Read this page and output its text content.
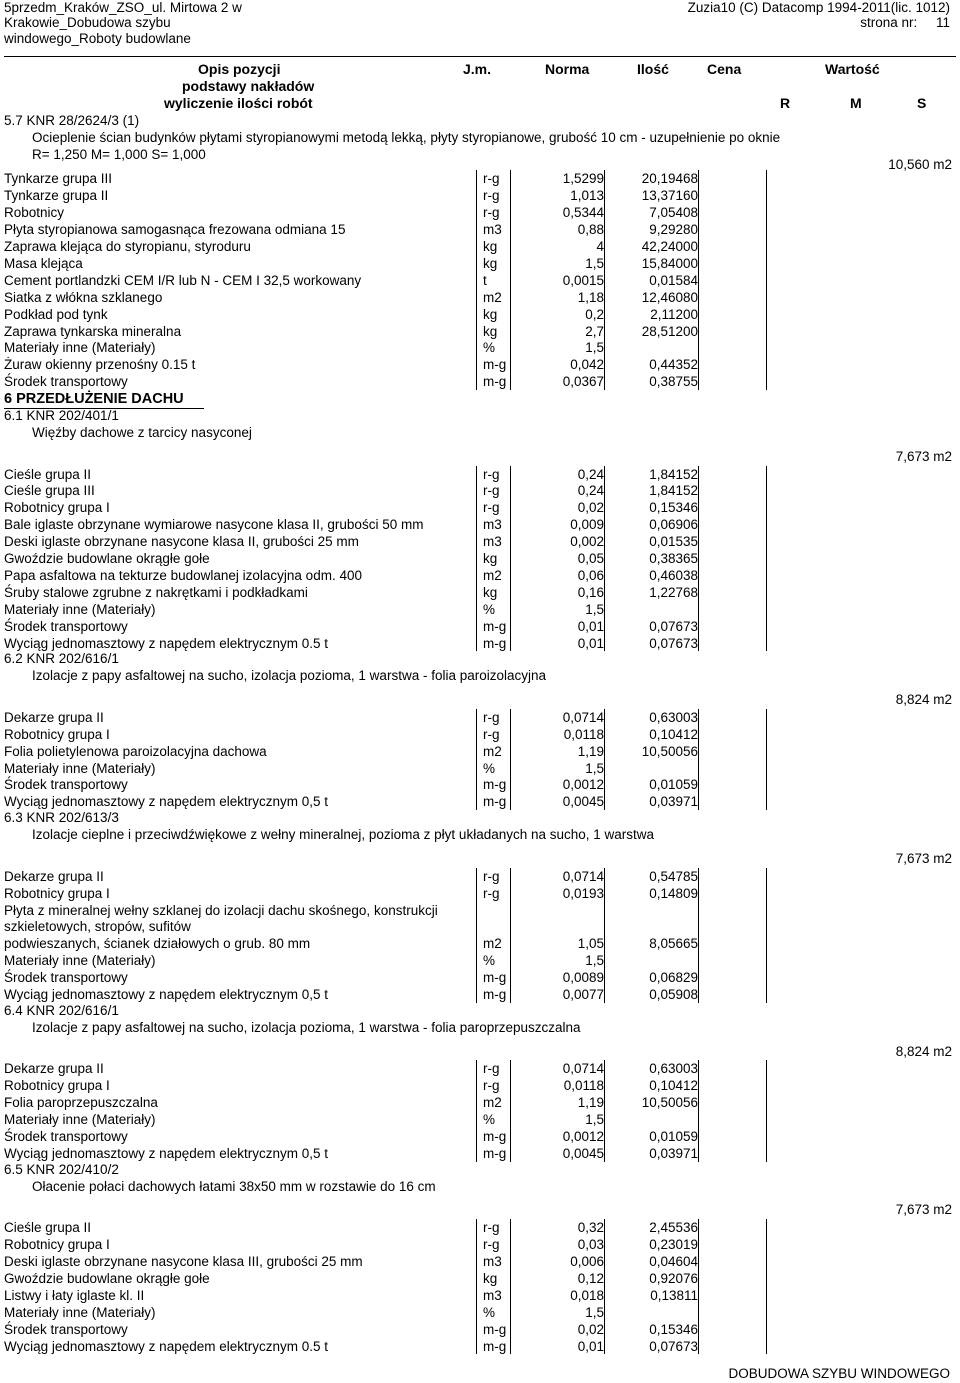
5przedm_Kraków_ZSO_ul. Mirtowa 2 w
Krakowie_Dobudowa szybu
windowego_Roboty budowlane
Zuzia10 (C) Datacomp 1994-2011(lic. 1012)
strona nr:     11
Opis pozycji
podstawy nakładów
wyliczenie ilości robót
J.m.	Norma	Ilość	Cena	Wartość
R	M	S
5.7 KNR 28/2624/3 (1)
Ocieplenie ścian budynków płytami styropianowymi metodą lekką, płyty styropianowe, grubość 10 cm - uzupełnienie po oknie
R= 1,250 M= 1,000 S= 1,000
10,560 m2
Tynkarze grupa III	r-g	1,5299	20,19468
Tynkarze grupa II	r-g	1,013	13,37160
Robotnicy	r-g	0,5344	7,05408
Płyta styropianowa samogasnąca frezowana odmiana 15	m3	0,88	9,29280
Zaprawa klejąca do styropianu, styroduru	kg	4	42,24000
Masa klejąca	kg	1,5	15,84000
Cement portlandzki CEM I/R lub N - CEM I 32,5 workowany	t	0,0015	0,01584
Siatka z włókna szklanego	m2	1,18	12,46080
Podkład pod tynk	kg	0,2	2,11200
Zaprawa tynkarska mineralna	kg	2,7	28,51200
Materiały inne (Materiały)	%	1,5
Żuraw okienny przenośny 0.15 t	m-g	0,042	0,44352
Środek transportowy	m-g	0,0367	0,38755
6 PRZEDŁUŻENIE DACHU
6.1 KNR 202/401/1
Więźby dachowe z tarcicy nasyconej
7,673 m2
Cieśle grupa II	r-g	0,24	1,84152
Cieśle grupa III	r-g	0,24	1,84152
Robotnicy grupa I	r-g	0,02	0,15346
Bale iglaste obrzynane wymiarowe nasycone klasa II, grubości 50 mm	m3	0,009	0,06906
Deski iglaste obrzynane nasycone klasa II, grubości 25 mm	m3	0,002	0,01535
Gwoździe budowlane okrągłe gołe	kg	0,05	0,38365
Papa asfaltowa na tekturze budowlanej izolacyjna odm. 400	m2	0,06	0,46038
Śruby stalowe zgrubne z nakrętkami i podkładkami	kg	0,16	1,22768
Materiały inne (Materiały)	%	1,5
Środek transportowy	m-g	0,01	0,07673
Wyciąg jednomasztowy z napędem elektrycznym 0.5 t	m-g	0,01	0,07673
6.2 KNR 202/616/1
Izolacje z papy asfaltowej na sucho, izolacja pozioma, 1 warstwa - folia paroizolacyjna
8,824 m2
Dekarze grupa II	r-g	0,0714	0,63003
Robotnicy grupa I	r-g	0,0118	0,10412
Folia polietylenowa paroizolacyjna dachowa	m2	1,19	10,50056
Materiały inne (Materiały)	%	1,5
Środek transportowy	m-g	0,0012	0,01059
Wyciąg jednomasztowy z napędem elektrycznym 0,5 t	m-g	0,0045	0,03971
6.3 KNR 202/613/3
Izolacje cieplne i przeciwdźwiękowe z wełny mineralnej, pozioma z płyt układanych na sucho, 1 warstwa
7,673 m2
Dekarze grupa II	r-g	0,0714	0,54785
Robotnicy grupa I	r-g	0,0193	0,14809
Płyta z mineralnej wełny szklanej do izolacji dachu skośnego, konstrukcji
szkieletowych, stropów, sufitów
podwieszanych, ścianek działowych o grub. 80 mm	m2	1,05	8,05665
Materiały inne (Materiały)	%	1,5
Środek transportowy	m-g	0,0089	0,06829
Wyciąg jednomasztowy z napędem elektrycznym 0,5 t	m-g	0,0077	0,05908
6.4 KNR 202/616/1
Izolacje z papy asfaltowej na sucho, izolacja pozioma, 1 warstwa - folia paroprzepuszczalna
8,824 m2
Dekarze grupa II	r-g	0,0714	0,63003
Robotnicy grupa I	r-g	0,0118	0,10412
Folia paroprzepuszczalna	m2	1,19	10,50056
Materiały inne (Materiały)	%	1,5
Środek transportowy	m-g	0,0012	0,01059
Wyciąg jednomasztowy z napędem elektrycznym 0,5 t	m-g	0,0045	0,03971
6.5 KNR 202/410/2
Ołacenie połaci dachowych łatami 38x50 mm w rozstawie do 16 cm
7,673 m2
Cieśle grupa II	r-g	0,32	2,45536
Robotnicy grupa I	r-g	0,03	0,23019
Deski iglaste obrzynane nasycone klasa III, grubości 25 mm	m3	0,006	0,04604
Gwoździe budowlane okrągłe gołe	kg	0,12	0,92076
Listwy i łaty iglaste kl. II	m3	0,018	0,13811
Materiały inne (Materiały)	%	1,5
Środek transportowy	m-g	0,02	0,15346
Wyciąg jednomasztowy z napędem elektrycznym 0.5 t	m-g	0,01	0,07673
DOBUDOWA SZYBU WINDOWEGO
